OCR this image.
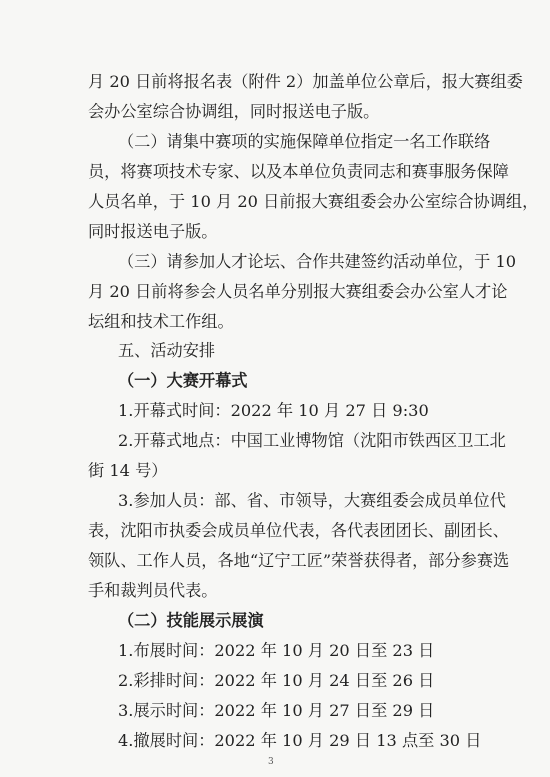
月 20 日前将报名表（附件 2）加盖单位公章后，报大赛组委
会办公室综合协调组，同时报送电子版。
（二）请集中赛项的实施保障单位指定一名工作联络
员，将赛项技术专家、以及本单位负责同志和赛事服务保障
人员名单，于 10 月 20 日前报大赛组委会办公室综合协调组，
同时报送电子版。
（三）请参加人才论坛、合作共建签约活动单位，于 10
月 20 日前将参会人员名单分别报大赛组委会办公室人才论
坛组和技术工作组。
五、活动安排
（一）大赛开幕式
1.开幕式时间：2022 年 10 月 27 日 9:30
2.开幕式地点：中国工业博物馆（沈阳市铁西区卫工北
街 14 号）
3.参加人员：部、省、市领导，大赛组委会成员单位代
表，沈阳市执委会成员单位代表，各代表团团长、副团长、
领队、工作人员，各地“辽宁工匠”荣誉获得者，部分参赛选
手和裁判员代表。
（二）技能展示展演
1.布展时间：2022 年 10 月 20 日至 23 日
2.彩排时间：2022 年 10 月 24 日至 26 日
3.展示时间：2022 年 10 月 27 日至 29 日
4.撤展时间：2022 年 10 月 29 日 13 点至 30 日
3
